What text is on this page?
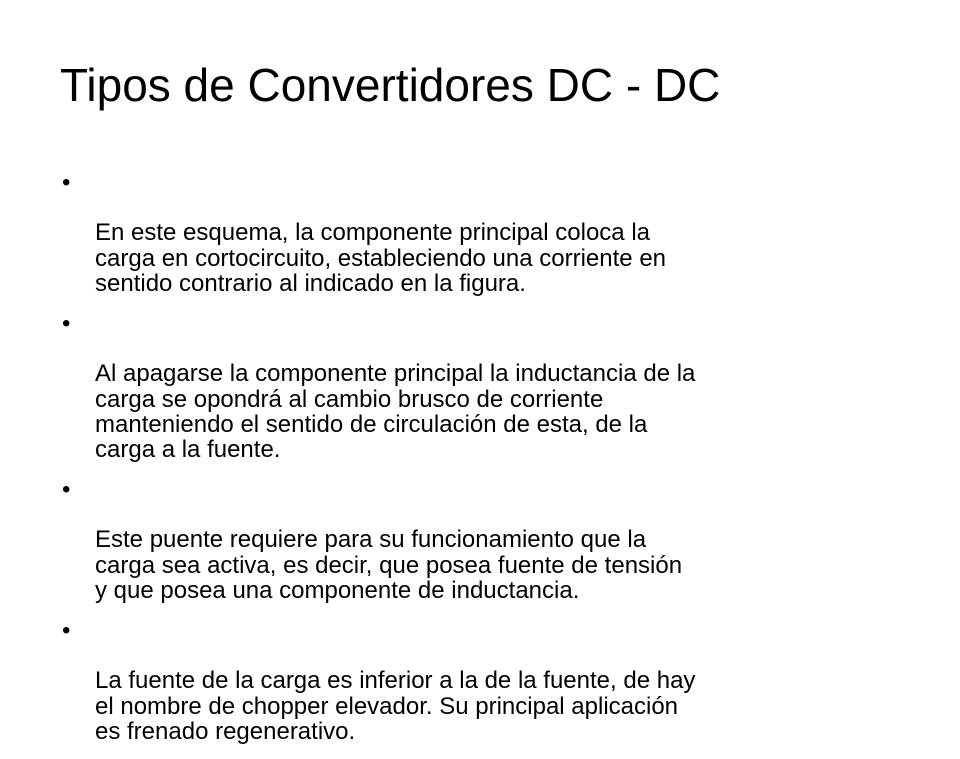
Tipos de Convertidores DC - DC

•

En este esquema, la componente principal coloca la
carga en cortocircuito, estableciendo una corriente en
sentido contrario al indicado en la figura.

•

Al apagarse la componente principal la inductancia de la
carga se opondrá al cambio brusco de corriente
manteniendo el sentido de circulación de esta, de la
carga a la fuente.

•

Este puente requiere para su funcionamiento que la
carga sea activa, es decir, que posea fuente de tensión
y que posea una componente de inductancia.

•

La fuente de la carga es inferior a la de la fuente, de hay
el nombre de chopper elevador. Su principal aplicación
es frenado regenerativo.
